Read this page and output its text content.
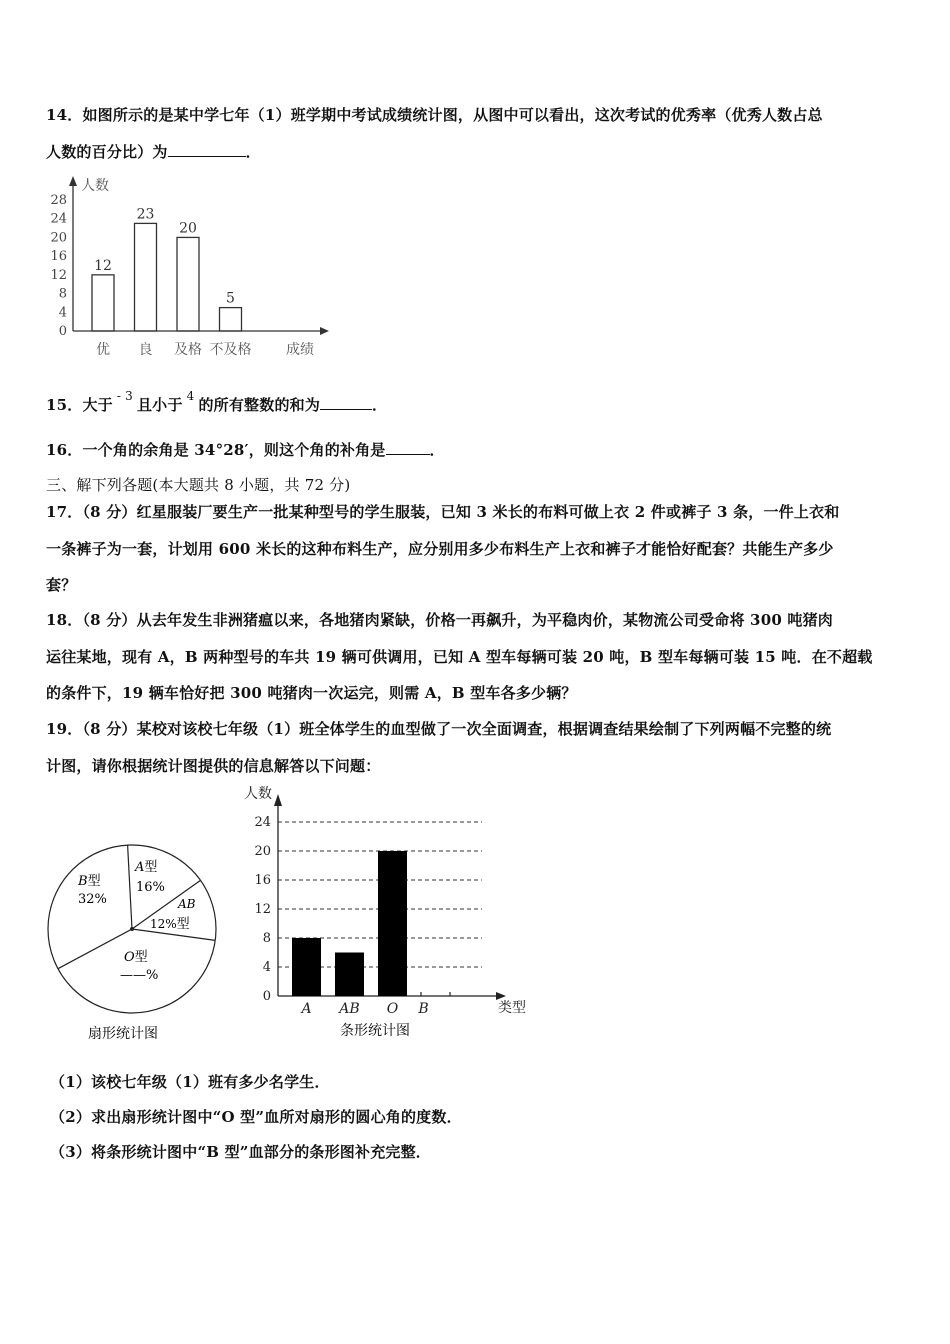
14．如图所示的是某中学七年（1）班学期中考试成绩统计图，从图中可以看出，这次考试的优秀率（优秀人数占总
人数的百分比）为	．
人数
成绩
0
4
8
12
16
20
24
28
12
优
23
良
20
及格
5
不及格
15．大于 $^{- 3}$ 且小于 $^4$ 的所有整数的和为	．
16．一个角的余角是 34°28′，则这个角的补角是	．
三、解下列各题(本大题共 8 小题，共 72 分)
17．（8 分）红星服装厂要生产一批某种型号的学生服装，已知 3 米长的布料可做上衣 2 件或裤子 3 条，一件上衣和
一条裤子为一套，计划用 600 米长的这种布料生产，应分别用多少布料生产上衣和裤子才能恰好配套？共能生产多少
套？
18．（8 分）从去年发生非洲猪瘟以来，各地猪肉紧缺，价格一再飙升，为平稳肉价，某物流公司受命将 300 吨猪肉
运往某地，现有 A，B 两种型号的车共 19 辆可供调用，已知 A 型车每辆可装 20 吨，B 型车每辆可装 15 吨．在不超载
的条件下，19 辆车恰好把 300 吨猪肉一次运完，则需 A，B 型车各多少辆？
19．（8 分）某校对该校七年级（1）班全体学生的血型做了一次全面调查，根据调查结果绘制了下列两幅不完整的统
计图，请你根据统计图提供的信息解答以下问题：
B型
32%
A型
16%
AB
12%型
O型
——%
扇形统计图
0
4
8
12
16
20
24
人数
类型
A AB O B
条形统计图
（1）该校七年级（1）班有多少名学生．
（2）求出扇形统计图中“O 型”血所对扇形的圆心角的度数．
（3）将条形统计图中“B 型”血部分的条形图补充完整．
